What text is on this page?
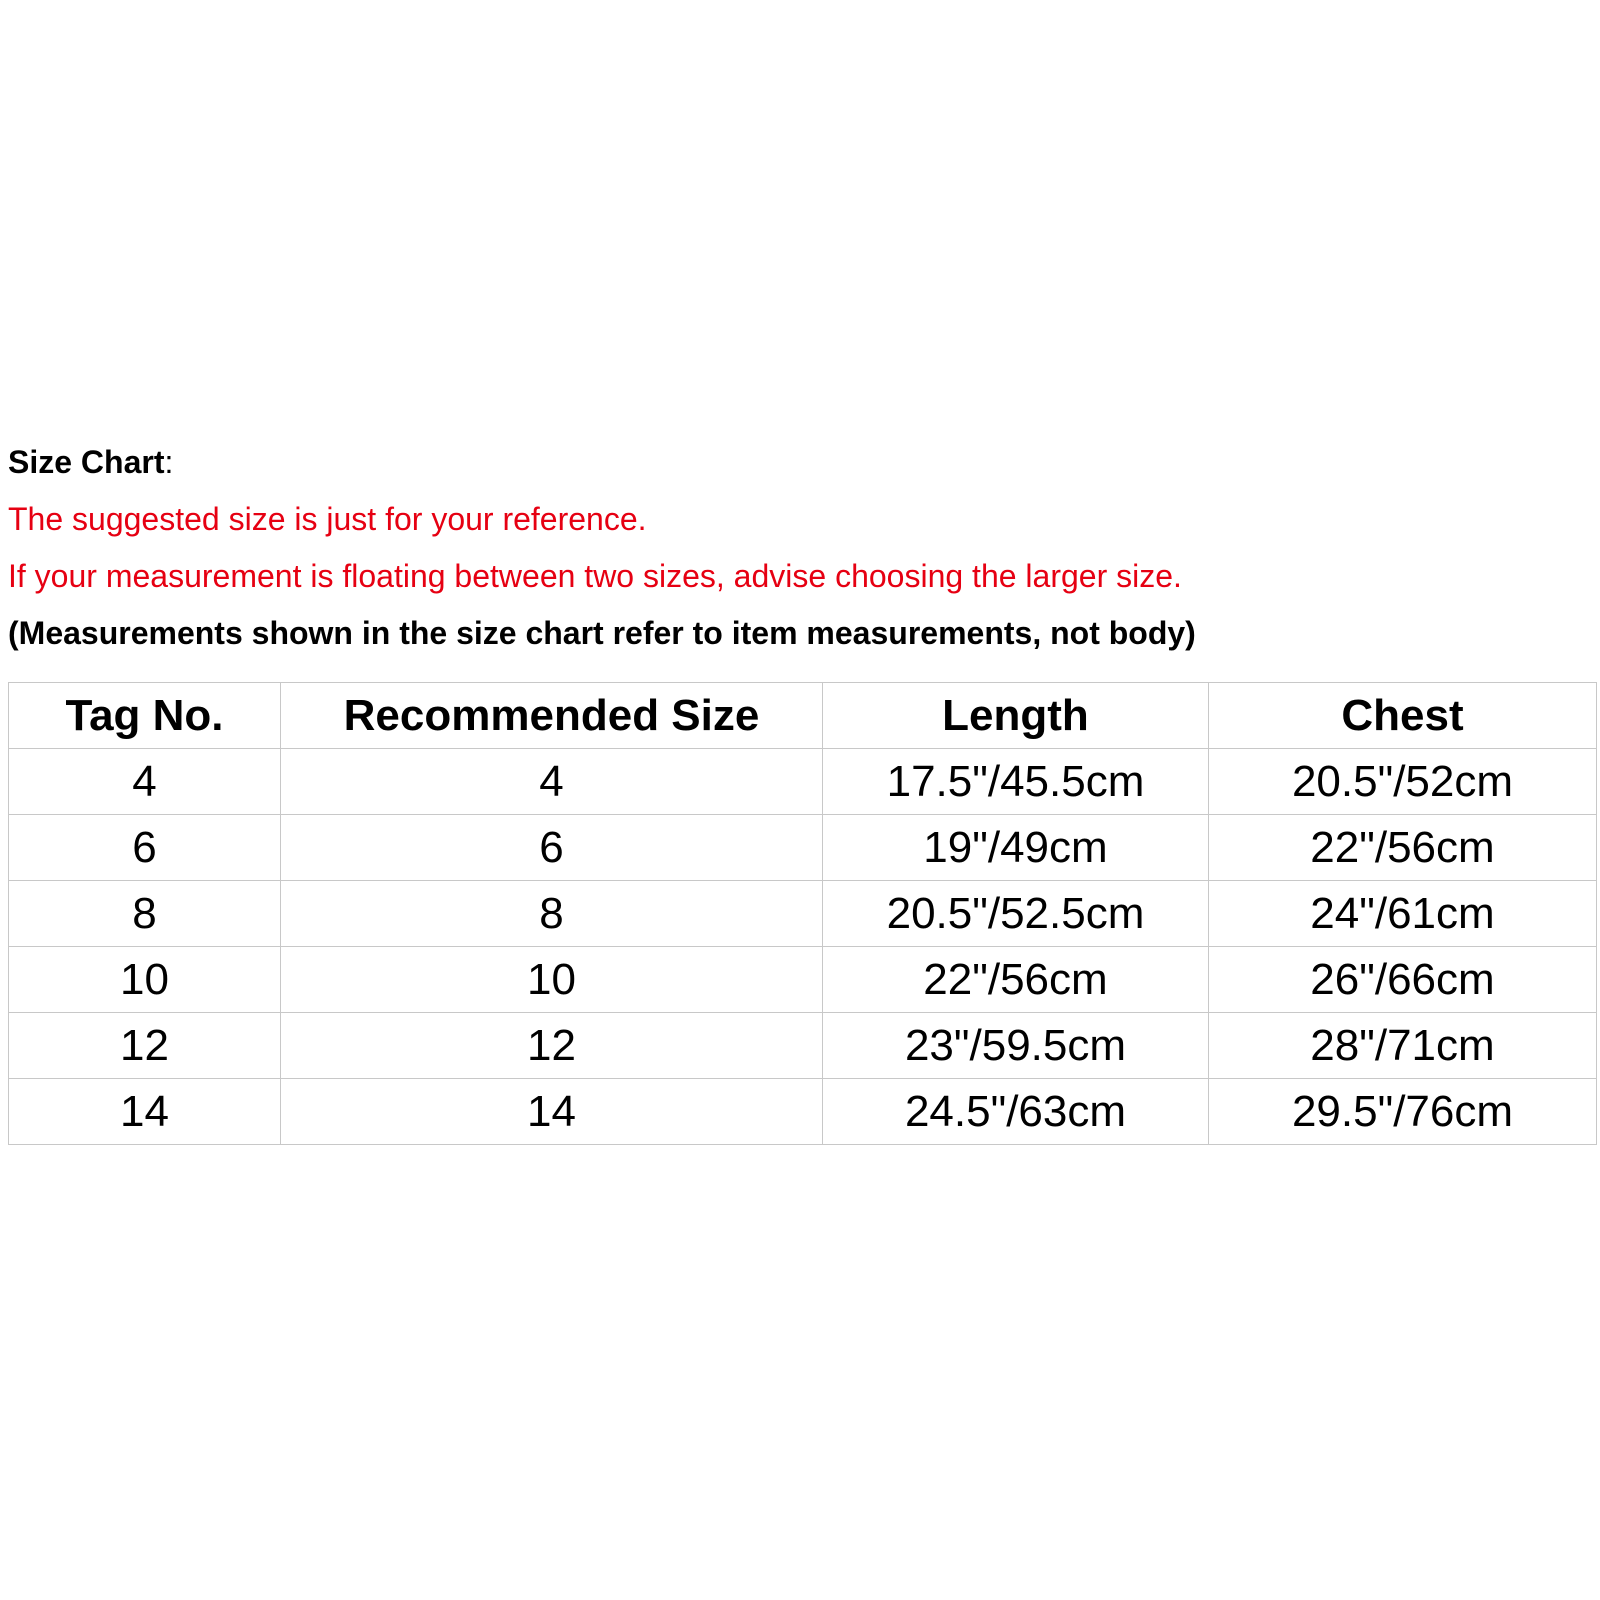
Size Chart:

The suggested size is just for your reference.

If your measurement is floating between two sizes, advise choosing the larger size.

(Measurements shown in the size chart refer to item measurements, not body)

Tag No.	Recommended Size	Length	Chest
4	4	17.5"/45.5cm	20.5"/52cm
6	6	19"/49cm	22"/56cm
8	8	20.5"/52.5cm	24"/61cm
10	10	22"/56cm	26"/66cm
12	12	23"/59.5cm	28"/71cm
14	14	24.5"/63cm	29.5"/76cm
